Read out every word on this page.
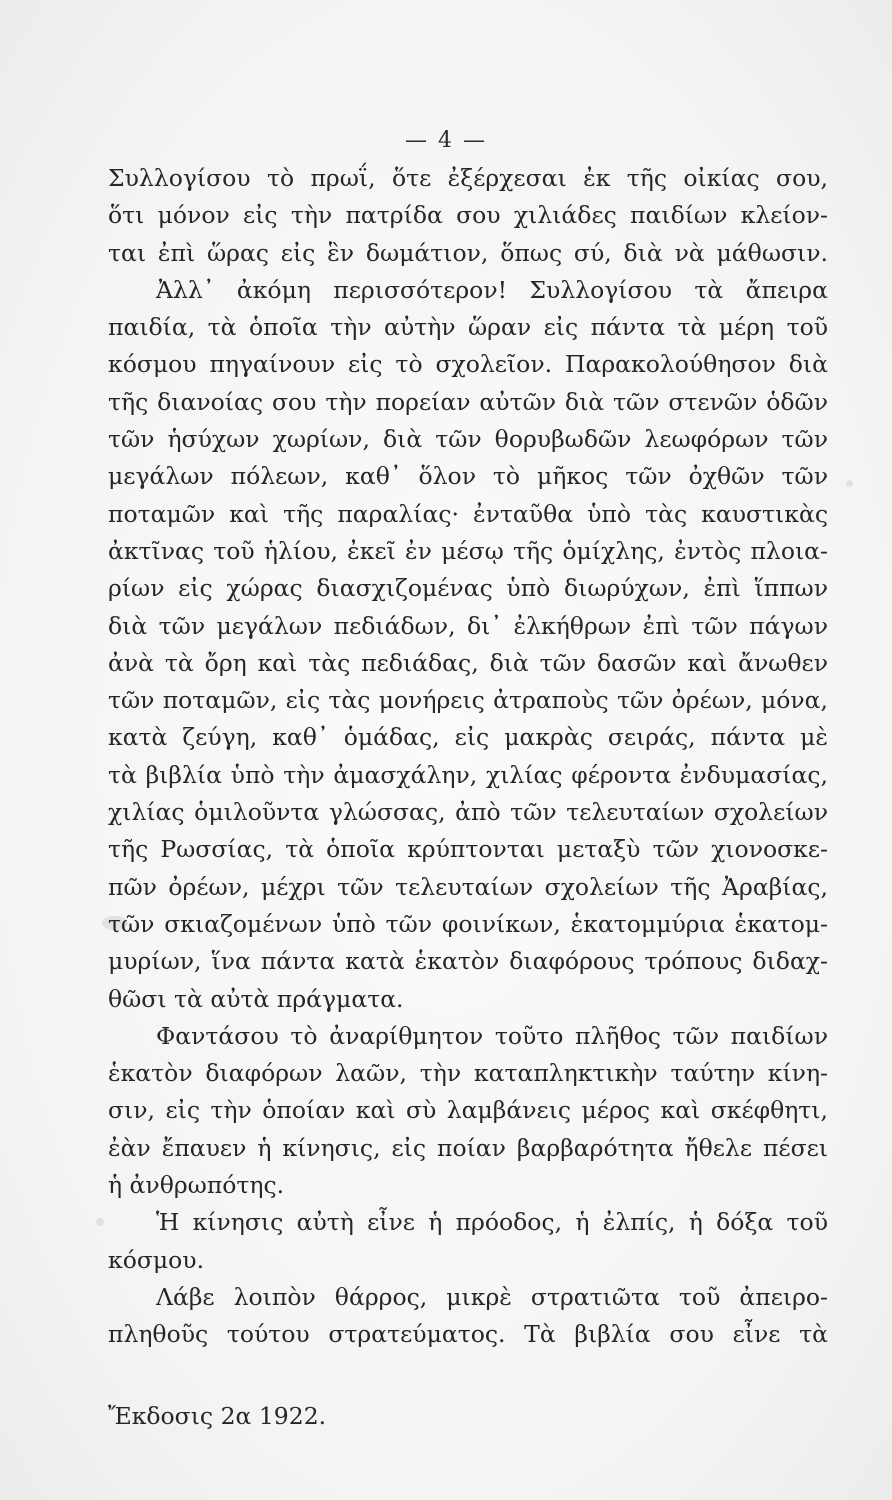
— 4 —
Συλλογίσου τὸ πρωΐ, ὅτε ἐξέρχεσαι ἐκ τῆς οἰκίας σου,
ὅτι μόνον εἰς τὴν πατρίδα σου χιλιάδες παιδίων κλείον-
ται ἐπὶ ὥρας εἰς ἓν δωμάτιον, ὅπως σύ, διὰ νὰ μάθωσιν.
Ἀλλ᾽ ἀκόμη περισσότερον! Συλλογίσου τὰ ἄπειρα
παιδία, τὰ ὁποῖα τὴν αὐτὴν ὥραν εἰς πάντα τὰ μέρη τοῦ
κόσμου πηγαίνουν εἰς τὸ σχολεῖον. Παρακολούθησον διὰ
τῆς διανοίας σου τὴν πορείαν αὐτῶν διὰ τῶν στενῶν ὁδῶν
τῶν ἡσύχων χωρίων, διὰ τῶν θορυβωδῶν λεωφόρων τῶν
μεγάλων πόλεων, καθ᾽ ὅλον τὸ μῆκος τῶν ὀχθῶν τῶν
ποταμῶν καὶ τῆς παραλίας· ἐνταῦθα ὑπὸ τὰς καυστικὰς
ἀκτῖνας τοῦ ἡλίου, ἐκεῖ ἐν μέσῳ τῆς ὁμίχλης, ἐντὸς πλοια-
ρίων εἰς χώρας διασχιζομένας ὑπὸ διωρύχων, ἐπὶ ἵππων
διὰ τῶν μεγάλων πεδιάδων, δι᾽ ἐλκήθρων ἐπὶ τῶν πάγων
ἀνὰ τὰ ὄρη καὶ τὰς πεδιάδας, διὰ τῶν δασῶν καὶ ἄνωθεν
τῶν ποταμῶν, εἰς τὰς μονήρεις ἀτραποὺς τῶν ὀρέων, μόνα,
κατὰ ζεύγη, καθ᾽ ὁμάδας, εἰς μακρὰς σειράς, πάντα μὲ
τὰ βιβλία ὑπὸ τὴν ἀμασχάλην, χιλίας φέροντα ἐνδυμασίας,
χιλίας ὁμιλοῦντα γλώσσας, ἀπὸ τῶν τελευταίων σχολείων
τῆς Ρωσσίας, τὰ ὁποῖα κρύπτονται μεταξὺ τῶν χιονοσκε-
πῶν ὀρέων, μέχρι τῶν τελευταίων σχολείων τῆς Ἀραβίας,
τῶν σκιαζομένων ὑπὸ τῶν φοινίκων, ἑκατομμύρια ἑκατομ-
μυρίων, ἵνα πάντα κατὰ ἑκατὸν διαφόρους τρόπους διδαχ-
θῶσι τὰ αὐτὰ πράγματα.
Φαντάσου τὸ ἀναρίθμητον τοῦτο πλῆθος τῶν παιδίων
ἑκατὸν διαφόρων λαῶν, τὴν καταπληκτικὴν ταύτην κίνη-
σιν, εἰς τὴν ὁποίαν καὶ σὺ λαμβάνεις μέρος καὶ σκέφθητι,
ἐὰν ἔπαυεν ἡ κίνησις, εἰς ποίαν βαρβαρότητα ἤθελε πέσει
ἡ ἀνθρωπότης.
Ἡ κίνησις αὐτὴ εἶνε ἡ πρόοδος, ἡ ἐλπίς, ἡ δόξα τοῦ
κόσμου.
Λάβε λοιπὸν θάρρος, μικρὲ στρατιῶτα τοῦ ἀπειρο-
πληθοῦς τούτου στρατεύματος. Τὰ βιβλία σου εἶνε τὰ
Ἔκδοσις 2α 1922.
